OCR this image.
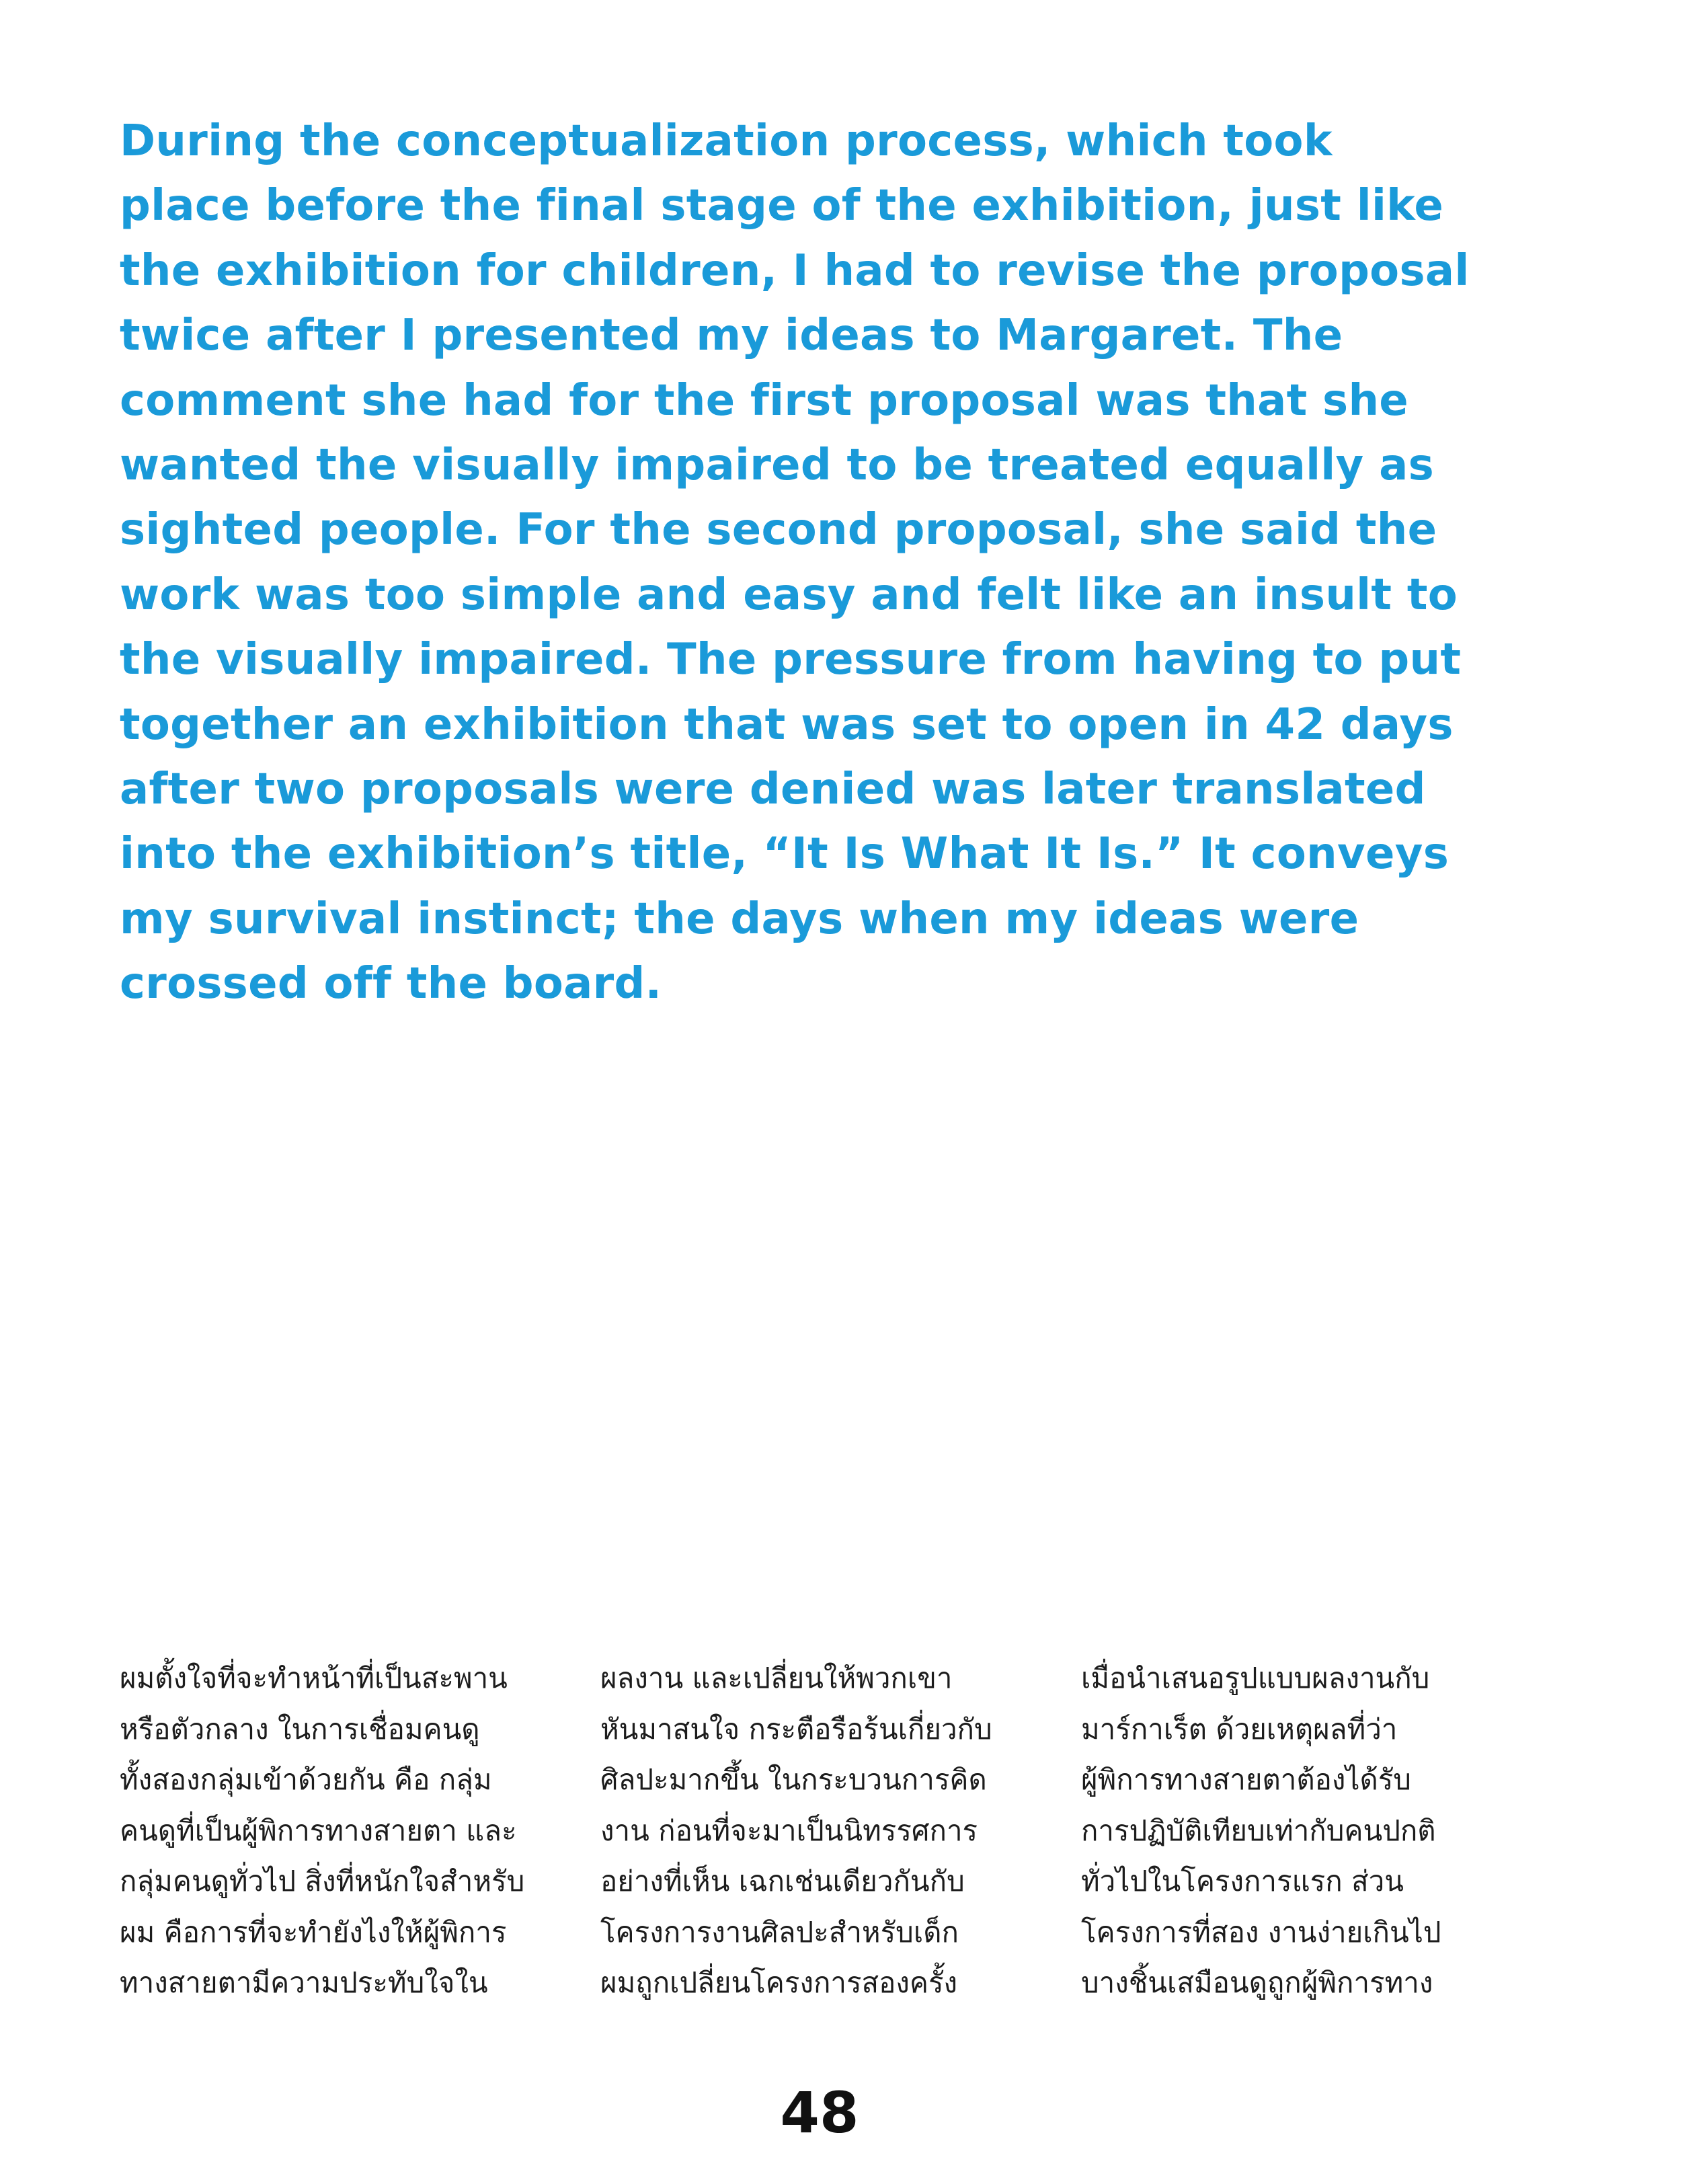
During the conceptualization process, which took
place before the final stage of the exhibition, just like
the exhibition for children, I had to revise the proposal
twice after I presented my ideas to Margaret. The
comment she had for the first proposal was that she
wanted the visually impaired to be treated equally as
sighted people. For the second proposal, she said the
work was too simple and easy and felt like an insult to
the visually impaired. The pressure from having to put
together an exhibition that was set to open in 42 days
after two proposals were denied was later translated
into the exhibition’s title, “It Is What It Is.” It conveys
my survival instinct; the days when my ideas were
crossed off the board.

ผมตั้งใจที่จะทำหน้าที่เป็นสะพาน
หรือตัวกลาง ในการเชื่อมคนดู
ทั้งสองกลุ่มเข้าด้วยกัน คือ กลุ่ม
คนดูที่เป็นผู้พิการทางสายตา และ
กลุ่มคนดูทั่วไป สิ่งที่หนักใจสำหรับ
ผม คือการที่จะทำยังไงให้ผู้พิการ
ทางสายตามีความประทับใจใน

ผลงาน และเปลี่ยนให้พวกเขา
หันมาสนใจ กระตือรือร้นเกี่ยวกับ
ศิลปะมากขึ้น ในกระบวนการคิด
งาน ก่อนที่จะมาเป็นนิทรรศการ
อย่างที่เห็น เฉกเช่นเดียวกันกับ
โครงการงานศิลปะสำหรับเด็ก
ผมถูกเปลี่ยนโครงการสองครั้ง

เมื่อนำเสนอรูปแบบผลงานกับ
มาร์กาเร็ต ด้วยเหตุผลที่ว่า
ผู้พิการทางสายตาต้องได้รับ
การปฏิบัติเทียบเท่ากับคนปกติ
ทั่วไปในโครงการแรก ส่วน
โครงการที่สอง งานง่ายเกินไป
บางชิ้นเสมือนดูถูกผู้พิการทาง

48
